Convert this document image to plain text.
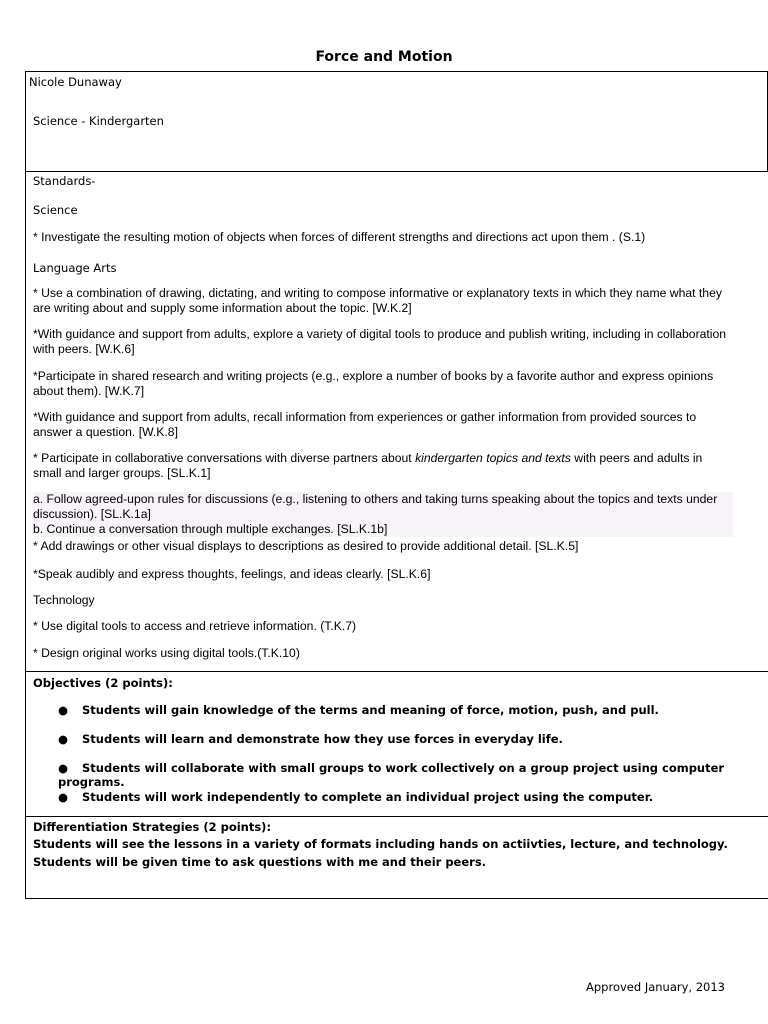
Force and Motion
Nicole Dunaway
Science - Kindergarten
Standards-
Science
* Investigate the resulting motion of objects when forces of different strengths and directions act upon them . (S.1)
Language Arts
* Use a combination of drawing, dictating, and writing to compose informative or explanatory texts in which they name what they are writing about and supply some information about the topic. [W.K.2]
*With guidance and support from adults, explore a variety of digital tools to produce and publish writing, including in collaboration with peers. [W.K.6]
*Participate in shared research and writing projects (e.g., explore a number of books by a favorite author and express opinions about them). [W.K.7]
*With guidance and support from adults, recall information from experiences or gather information from provided sources to answer a question. [W.K.8]
* Participate in collaborative conversations with diverse partners about kindergarten topics and texts with peers and adults in small and larger groups. [SL.K.1]
a. Follow agreed-upon rules for discussions (e.g., listening to others and taking turns speaking about the topics and texts under discussion). [SL.K.1a]
b. Continue a conversation through multiple exchanges. [SL.K.1b]
* Add drawings or other visual displays to descriptions as desired to provide additional detail. [SL.K.5]
*Speak audibly and express thoughts, feelings, and ideas clearly. [SL.K.6]
Technology
* Use digital tools to access and retrieve information. (T.K.7)
* Design original works using digital tools.(T.K.10)
Objectives (2 points):
● Students will gain knowledge of the terms and meaning of force, motion, push, and pull.
● Students will learn and demonstrate how they use forces in everyday life.
● Students will collaborate with small groups to work collectively on a group project using computer programs.
● Students will work independently to complete an individual project using the computer.
Differentiation Strategies (2 points):
Students will see the lessons in a variety of formats including hands on actiivties, lecture, and technology. Students will be given time to ask questions with me and their peers.
Approved January, 2013
